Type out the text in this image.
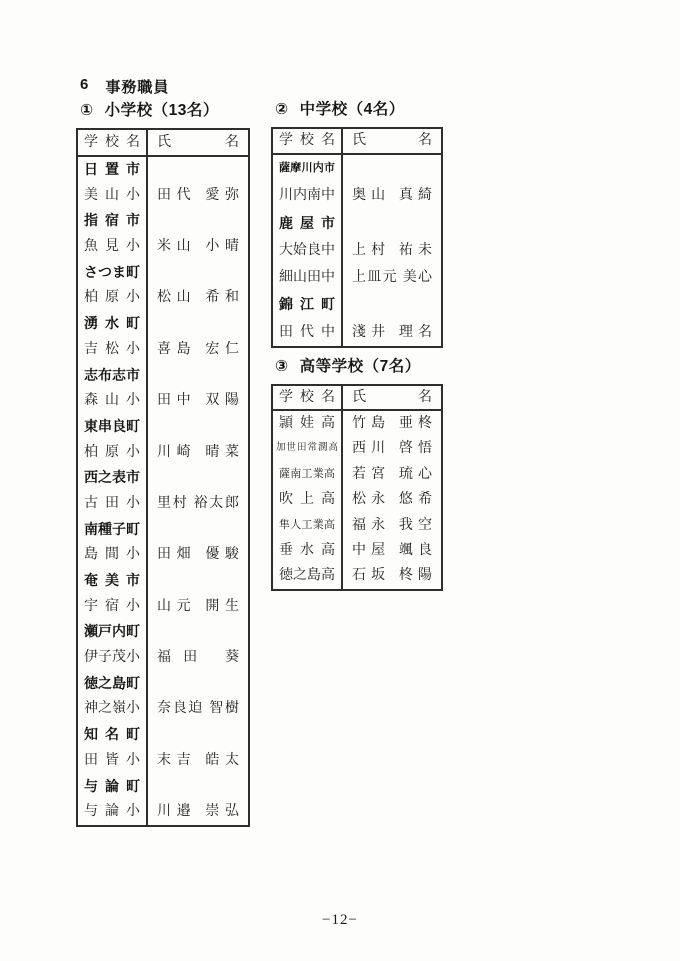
6 事務職員
① 小学校（13名）
学校名	氏名
日置市
美山小	田代 愛弥
指宿市
魚見小	米山 小晴
さつま町
柏原小	松山 希和
湧水町
吉松小	喜島 宏仁
志布志市
森山小	田中 双陽
東串良町
柏原小	川崎 晴菜
西之表市
古田小	里村 裕太郎
南種子町
島間小	田畑 優駿
奄美市
宇宿小	山元 開生
瀬戸内町
伊子茂小	福田 葵
徳之島町
神之嶺小	奈良迫 智樹
知名町
田皆小	末吉 皓太
与論町
与論小	川邉 崇弘
② 中学校（4名）
学校名	氏名
薩摩川内市
川内南中	奥山 真綺
鹿屋市
大姶良中	上村 祐未
細山田中	上皿元 美心
錦江町
田代中	淺井 理名
③ 高等学校（7名）
学校名	氏名
頴娃高	竹島 亜柊
加世田常潤高	西川 啓悟
薩南工業高	若宮 琉心
吹上高	松永 悠希
隼人工業高	福永 我空
垂水高	中屋 颯良
徳之島高	石坂 柊陽
−12−
